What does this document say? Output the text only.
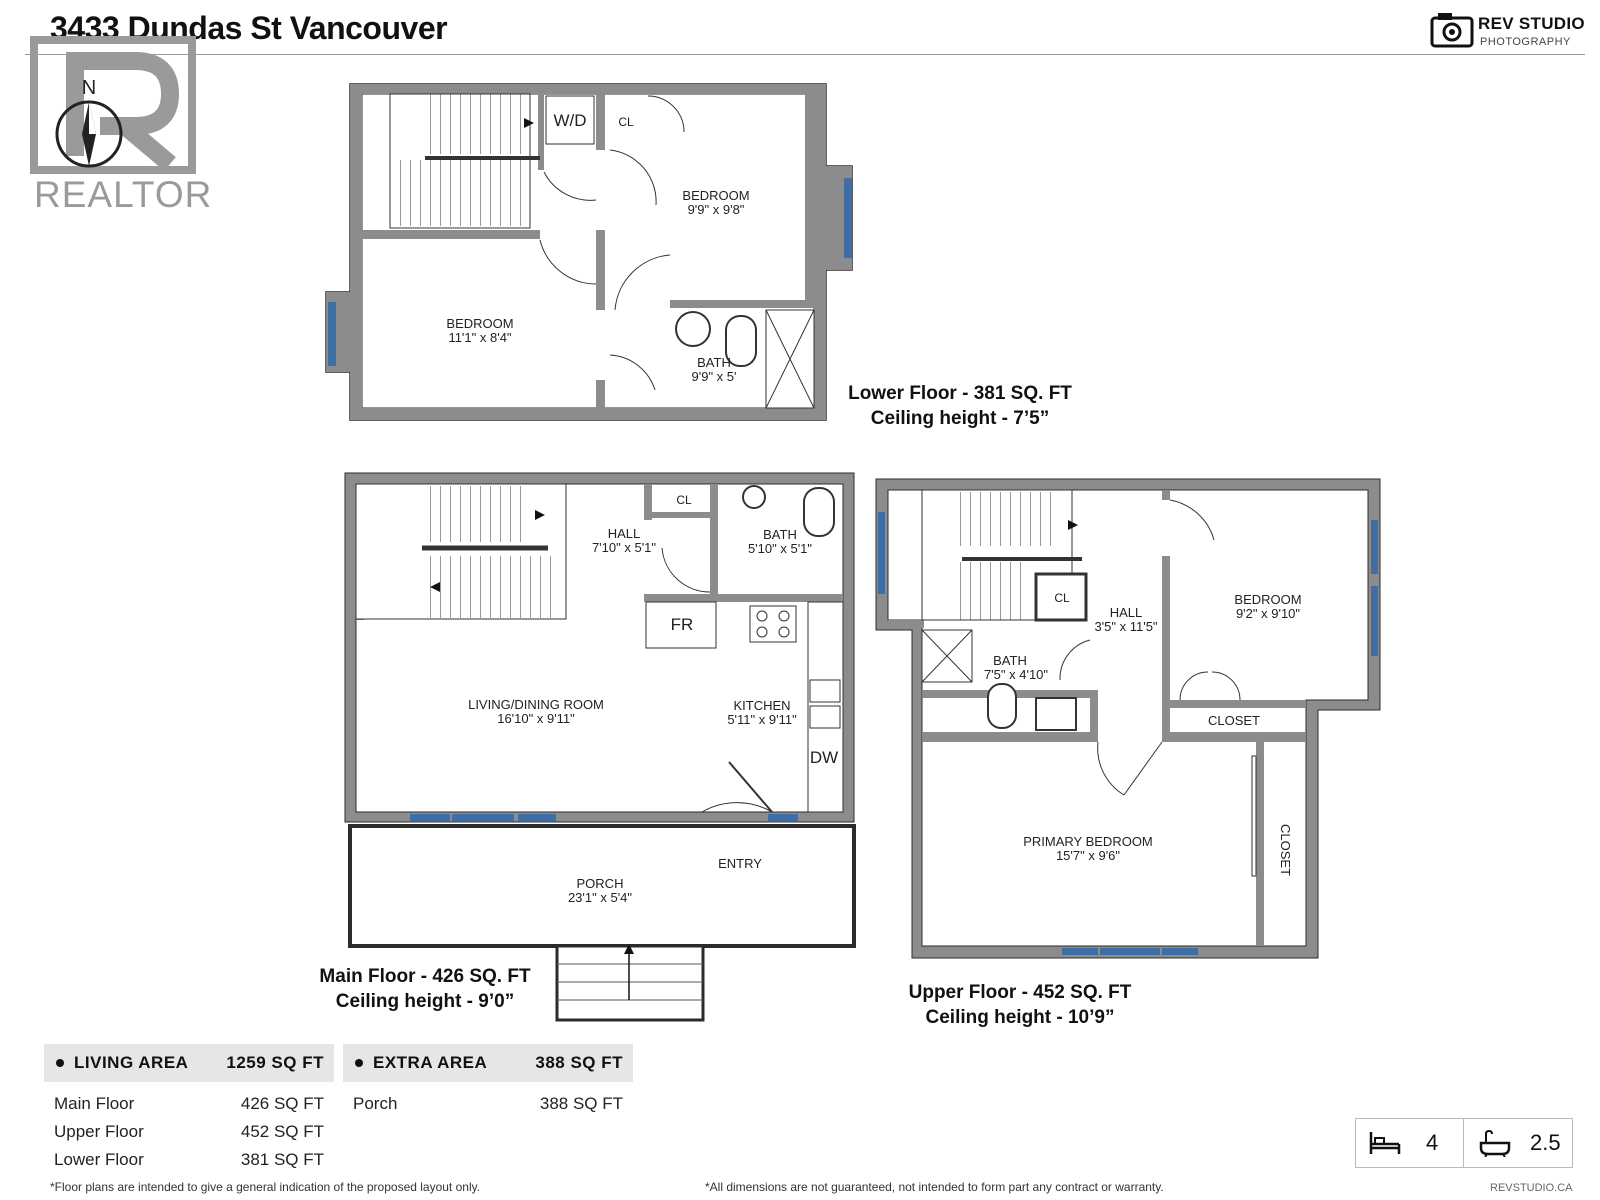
3433 Dundas St Vancouver	REV STUDIO
PHOTOGRAPHY
REALTOR
N
W/D	CL
BEDROOM
9'9" x 9'8"
BEDROOM
11'1" x 8'4"
BATH
9'9" x 5'
CL
HALL
7'10" x 5'1"
BATH
5'10" x 5'1"
FR
LIVING/DINING ROOM
16'10" x 9'11"
KITCHEN
5'11" x 9'11"
DW
ENTRY
PORCH
23'1" x 5'4"
CL
HALL
3'5" x 11'5"
BATH
7'5" x 4'10"
BEDROOM
9'2" x 9'10"
CLOSET
PRIMARY BEDROOM
15'7" x 9'6"	CLOSET
Lower Floor - 381 SQ. FT
Ceiling height - 7’5”
Main Floor - 426 SQ. FT
Ceiling height - 9’0”	Upper Floor - 452 SQ. FT
Ceiling height - 10’9”
LIVING AREA	1259 SQ FT
Main Floor	426 SQ FT
Upper Floor	452 SQ FT
Lower Floor	381 SQ FT
EXTRA AREA	388 SQ FT
Porch	388 SQ FT
4	2.5
*Floor plans are intended to give a general indication of the proposed layout only.	*All dimensions are not guaranteed, not intended to form part any contract or warranty.	REVSTUDIO.CA
